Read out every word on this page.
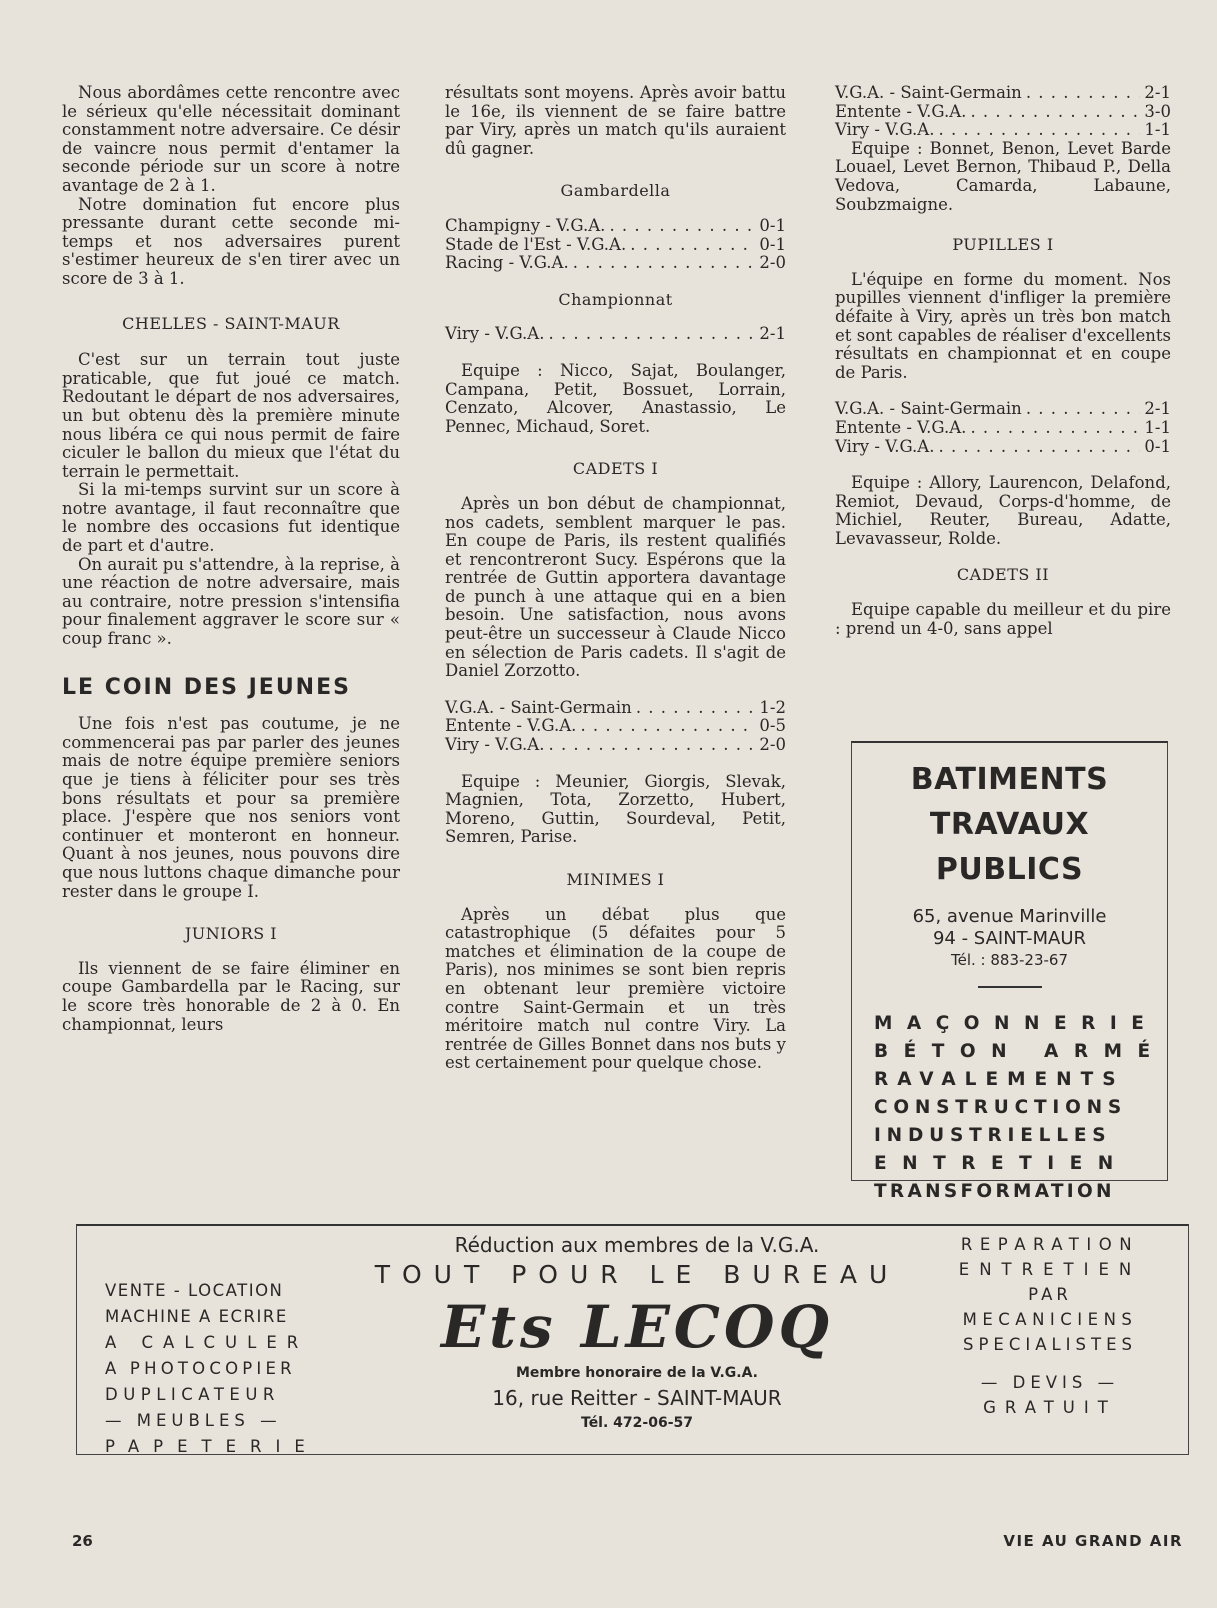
Nous abordâmes cette rencontre avec le sérieux qu'elle nécessitait dominant constamment notre adversaire. Ce désir de vaincre nous permit d'entamer la seconde période sur un score à notre avantage de 2 à 1.

Notre domination fut encore plus pressante durant cette seconde mi-temps et nos adversaires purent s'estimer heureux de s'en tirer avec un score de 3 à 1.

CHELLES - SAINT-MAUR

C'est sur un terrain tout juste praticable, que fut joué ce match. Redoutant le départ de nos adversaires, un but obtenu dès la première minute nous libéra ce qui nous permit de faire ciculer le ballon du mieux que l'état du terrain le permettait.

Si la mi-temps survint sur un score à notre avantage, il faut reconnaître que le nombre des occasions fut identique de part et d'autre.

On aurait pu s'attendre, à la reprise, à une réaction de notre adversaire, mais au contraire, notre pression s'intensifia pour finalement aggraver le score sur « coup franc ».

LE COIN DES JEUNES

Une fois n'est pas coutume, je ne commencerai pas par parler des jeunes mais de notre équipe première seniors que je tiens à féliciter pour ses très bons résultats et pour sa première place. J'espère que nos seniors vont continuer et monteront en honneur. Quant à nos jeunes, nous pouvons dire que nous luttons chaque dimanche pour rester dans le groupe I.

JUNIORS I

Ils viennent de se faire éliminer en coupe Gambardella par le Racing, sur le score très honorable de 2 à 0. En championnat, leurs

résultats sont moyens. Après avoir battu le 16e, ils viennent de se faire battre par Viry, après un match qu'ils auraient dû gagner.

Gambardella
Champigny - V.G.A. . . .	0-1
Stade de l'Est - V.G.A. . . .	0-1
Racing - V.G.A. . . .	2-0
Championnat
Viry - V.G.A. . . .	2-1

Equipe : Nicco, Sajat, Boulanger, Campana, Petit, Bossuet, Lorrain, Cenzato, Alcover, Anastassio, Le Pennec, Michaud, Soret.

CADETS I

Après un bon début de championnat, nos cadets, semblent marquer le pas. En coupe de Paris, ils restent qualifiés et rencontreront Sucy. Espérons que la rentrée de Guttin apportera davantage de punch à une attaque qui en a bien besoin. Une satisfaction, nous avons peut-être un successeur à Claude Nicco en sélection de Paris cadets. Il s'agit de Daniel Zorzotto.

V.G.A. - Saint-Germain . . .	1-2
Entente - V.G.A. . . .	0-5
Viry - V.G.A. . . .	2-0

Equipe : Meunier, Giorgis, Slevak, Magnien, Tota, Zorzetto, Hubert, Moreno, Guttin, Sourdeval, Petit, Semren, Parise.

MINIMES I

Après un débat plus que catastrophique (5 défaites pour 5 matches et élimination de la coupe de Paris), nos minimes se sont bien repris en obtenant leur première victoire contre Saint-Germain et un très méritoire match nul contre Viry. La rentrée de Gilles Bonnet dans nos buts y est certainement pour quelque chose.

V.G.A. - Saint-Germain . . .	2-1
Entente - V.G.A. . . .	3-0
Viry - V.G.A. . . .	1-1

Equipe : Bonnet, Benon, Levet Barde Louael, Levet Bernon, Thibaud P., Della Vedova, Camarda, Labaune, Soubzmaigne.

PUPILLES I

L'équipe en forme du moment. Nos pupilles viennent d'infliger la première défaite à Viry, après un très bon match et sont capables de réaliser d'excellents résultats en championnat et en coupe de Paris.

V.G.A. - Saint-Germain . . .	2-1
Entente - V.G.A. . . .	1-1
Viry - V.G.A. . . .	0-1

Equipe : Allory, Laurencon, Delafond, Remiot, Devaud, Corps-d'homme, de Michiel, Reuter, Bureau, Adatte, Levavasseur, Rolde.

CADETS II

Equipe capable du meilleur et du pire : prend un 4-0, sans appel

BATIMENTS

TRAVAUX PUBLICS

65, avenue Marinville

94 - SAINT-MAUR

Tél. : 883-23-67

MAÇONNERIE

BÉTON ARMÉ

RAVALEMENTS

CONSTRUCTIONS

INDUSTRIELLES

ENTRETIEN

TRANSFORMATION

VENTE - LOCATION
MACHINE A ECRIRE
A CALCULER
A PHOTOCOPIER
DUPLICATEUR
— MEUBLES —
PAPETERIE
Réduction aux membres de la V.G.A.
TOUT POUR LE BUREAU
Ets LECOQ
Membre honoraire de la V.G.A.
16, rue Reitter - SAINT-MAUR
Tél. 472-06-57
REPARATION
ENTRETIEN
PAR
MECANICIENS
SPECIALISTES
— DEVIS —
GRATUIT
26	VIE AU GRAND AIR
